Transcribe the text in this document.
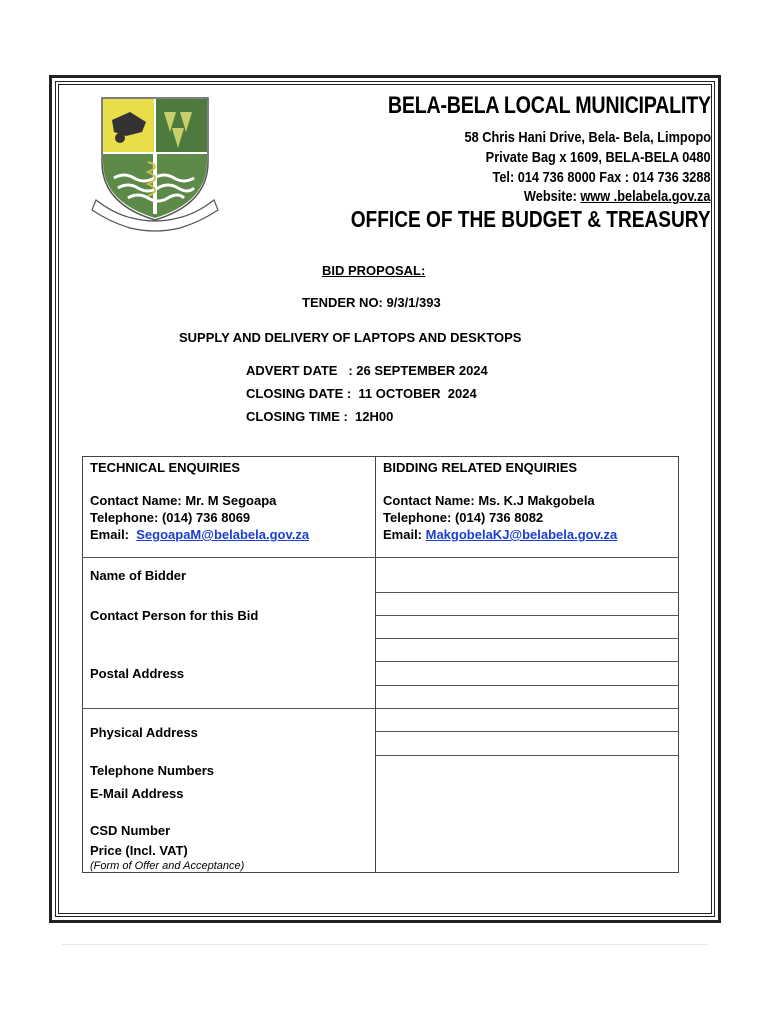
BELA-BELA LOCAL MUNICIPALITY
58 Chris Hani Drive, Bela- Bela, Limpopo
Private Bag x 1609, BELA-BELA 0480
Tel: 014 736 8000 Fax : 014 736 3288
Website: www .belabela.gov.za
OFFICE OF THE BUDGET & TREASURY
BID PROPOSAL:
TENDER NO: 9/3/1/393
SUPPLY AND DELIVERY OF LAPTOPS AND DESKTOPS
ADVERT DATE   : 26 SEPTEMBER 2024
CLOSING DATE :  11 OCTOBER  2024
CLOSING TIME :  12H00
TECHNICAL ENQUIRIES
Contact Name: Mr. M Segoapa
Telephone: (014) 736 8069
Email:  SegoapaM@belabela.gov.za
BIDDING RELATED ENQUIRIES
Contact Name: Ms. K.J Makgobela
Telephone: (014) 736 8082
Email: MakgobelaKJ@belabela.gov.za
Name of Bidder
Contact Person for this Bid
Postal Address
Physical Address
Telephone Numbers
E-Mail Address
CSD Number
Price (Incl. VAT)
(Form of Offer and Acceptance)
